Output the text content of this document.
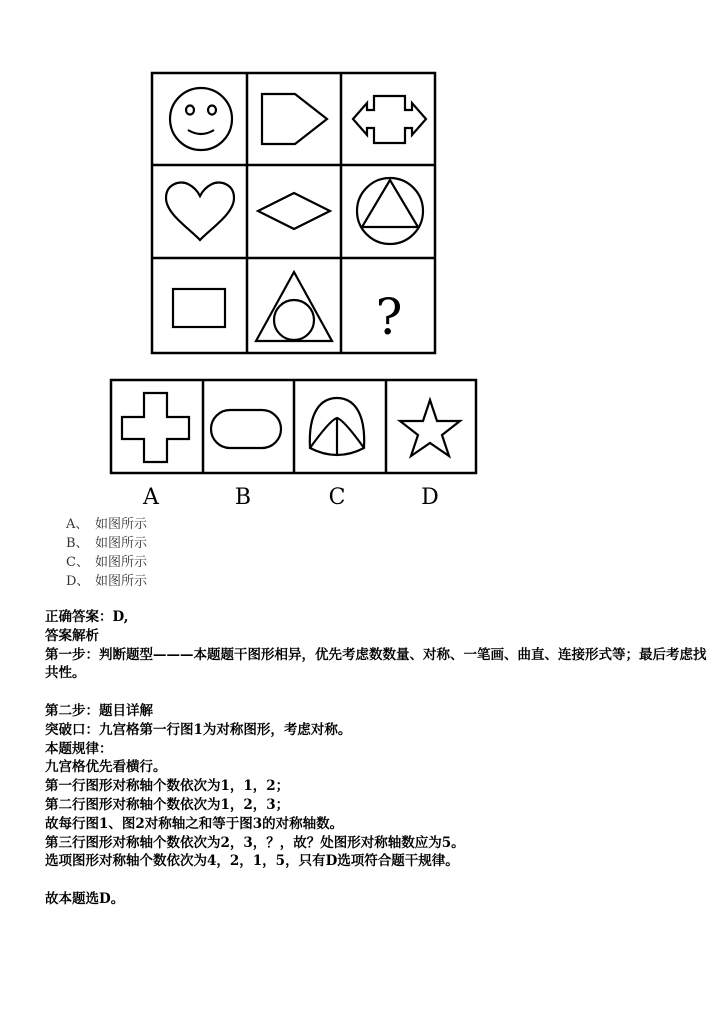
?
A	B	C	D
A、 如图所示
B、 如图所示
C、 如图所示
D、 如图所示

正确答案：D,

答案解析

第一步：判断题型———本题题干图形相异，优先考虑数数量、对称、一笔画、曲直、连接形式等；最后考虑找共性。

第二步：题目详解

突破口：九宫格第一行图1为对称图形，考虑对称。

本题规律：

九宫格优先看横行。

第一行图形对称轴个数依次为1，1，2；

第二行图形对称轴个数依次为1，2，3；

故每行图1、图2对称轴之和等于图3的对称轴数。

第三行图形对称轴个数依次为2，3，？，故？处图形对称轴数应为5。

选项图形对称轴个数依次为4，2，1，5，只有D选项符合题干规律。

故本题选D。
